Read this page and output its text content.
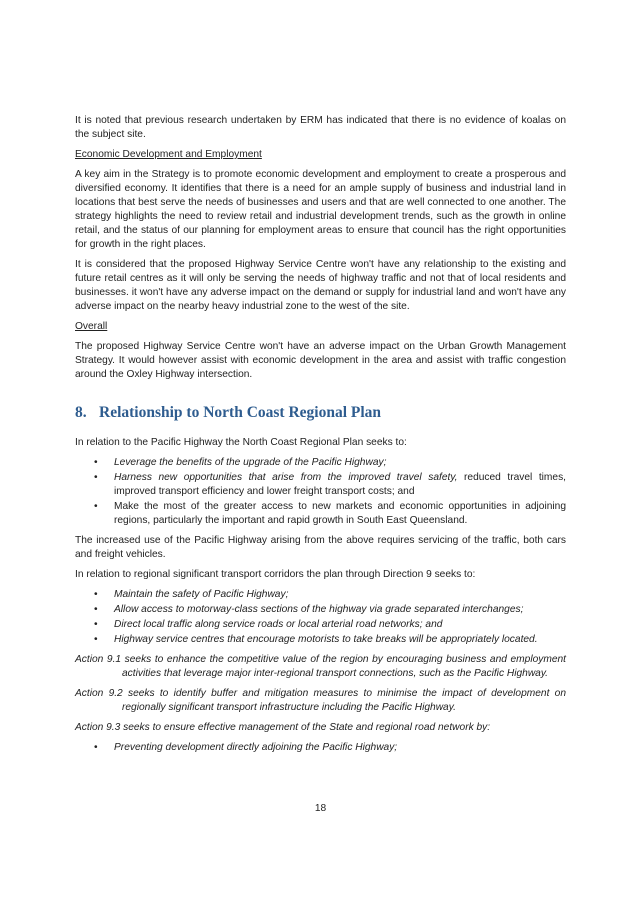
It is noted that previous research undertaken by ERM has indicated that there is no evidence of koalas on the subject site.

Economic Development and Employment

A key aim in the Strategy is to promote economic development and employment to create a prosperous and diversified economy. It identifies that there is a need for an ample supply of business and industrial land in locations that best serve the needs of businesses and users and that are well connected to one another. The strategy highlights the need to review retail and industrial development trends, such as the growth in online retail, and the status of our planning for employment areas to ensure that council has the right opportunities for growth in the right places.

It is considered that the proposed Highway Service Centre won't have any relationship to the existing and future retail centres as it will only be serving the needs of highway traffic and not that of local residents and businesses. it won't have any adverse impact on the demand or supply for industrial land and won't have any adverse impact on the nearby heavy industrial zone to the west of the site.

Overall

The proposed Highway Service Centre won't have an adverse impact on the Urban Growth Management Strategy. It would however assist with economic development in the area and assist with traffic congestion around the Oxley Highway intersection.

8. Relationship to North Coast Regional Plan

In relation to the Pacific Highway the North Coast Regional Plan seeks to:

• Leverage the benefits of the upgrade of the Pacific Highway;
• Harness new opportunities that arise from the improved travel safety, reduced travel times, improved transport efficiency and lower freight transport costs; and
• Make the most of the greater access to new markets and economic opportunities in adjoining regions, particularly the important and rapid growth in South East Queensland.

The increased use of the Pacific Highway arising from the above requires servicing of the traffic, both cars and freight vehicles.

In relation to regional significant transport corridors the plan through Direction 9 seeks to:

• Maintain the safety of Pacific Highway;
• Allow access to motorway-class sections of the highway via grade separated interchanges;
• Direct local traffic along service roads or local arterial road networks; and
• Highway service centres that encourage motorists to take breaks will be appropriately located.

Action 9.1 seeks to enhance the competitive value of the region by encouraging business and employment activities that leverage major inter-regional transport connections, such as the Pacific Highway.

Action 9.2 seeks to identify buffer and mitigation measures to minimise the impact of development on regionally significant transport infrastructure including the Pacific Highway.

Action 9.3 seeks to ensure effective management of the State and regional road network by:

• Preventing development directly adjoining the Pacific Highway;
18
